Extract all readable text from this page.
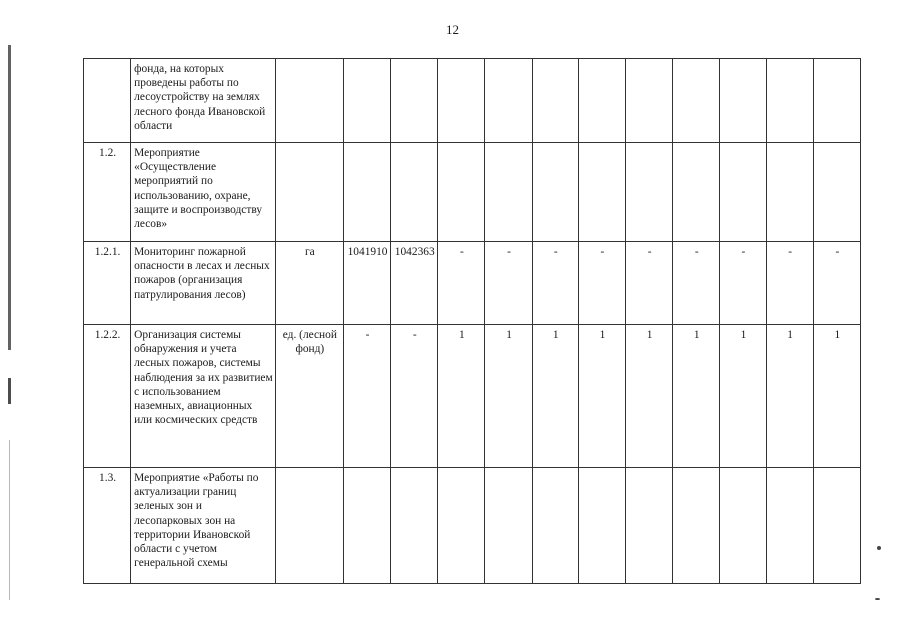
12
	фонда, на которых проведены работы по лесоустройству на землях лесного фонда Ивановской области												
1.2.	Мероприятие «Осуществление мероприятий по использованию, охране, защите и воспроизводству лесов»												
1.2.1.	Мониторинг пожарной опасности в лесах и лесных пожаров (организация патрулирования лесов)	га	1041910	1042363	-	-	-	-	-	-	-	-	-
1.2.2.	Организация системы обнаружения и учета лесных пожаров, системы наблюдения за их развитием с использованием наземных, авиационных или космических средств	ед. (лесной фонд)	-	-	1	1	1	1	1	1	1	1	1
1.3.	Мероприятие «Работы по актуализации границ зеленых зон и лесопарковых зон на территории Ивановской области с учетом генеральной схемы												
